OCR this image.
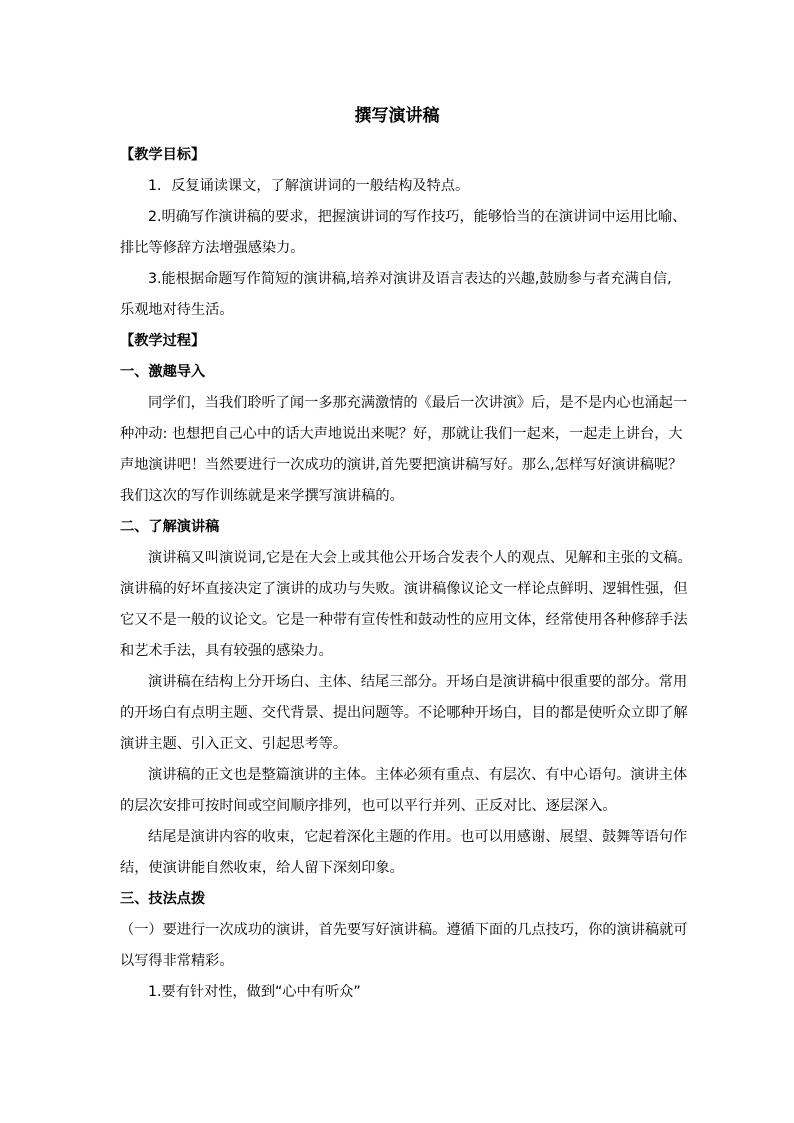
撰写演讲稿
【教学目标】
1．反复诵读课文，了解演讲词的一般结构及特点。
2.明确写作演讲稿的要求，把握演讲词的写作技巧，能够恰当的在演讲词中运用比喻、
排比等修辞方法增强感染力。
3.能根据命题写作简短的演讲稿,培养对演讲及语言表达的兴趣,鼓励参与者充满自信,
乐观地对待生活。
【教学过程】
一、激趣导入
同学们，当我们聆听了闻一多那充满激情的《最后一次讲演》后，是不是内心也涌起一
种冲动: 也想把自己心中的话大声地说出来呢？好，那就让我们一起来，一起走上讲台，大
声地演讲吧！当然要进行一次成功的演讲,首先要把演讲稿写好。那么,怎样写好演讲稿呢？
我们这次的写作训练就是来学撰写演讲稿的。
二、了解演讲稿
演讲稿又叫演说词,它是在大会上或其他公开场合发表个人的观点、见解和主张的文稿。
演讲稿的好坏直接决定了演讲的成功与失败。演讲稿像议论文一样论点鲜明、逻辑性强，但
它又不是一般的议论文。它是一种带有宣传性和鼓动性的应用文体，经常使用各种修辞手法
和艺术手法，具有较强的感染力。
演讲稿在结构上分开场白、主体、结尾三部分。开场白是演讲稿中很重要的部分。常用
的开场白有点明主题、交代背景、提出问题等。不论哪种开场白，目的都是使听众立即了解
演讲主题、引入正文、引起思考等。
演讲稿的正文也是整篇演讲的主体。主体必须有重点、有层次、有中心语句。演讲主体
的层次安排可按时间或空间顺序排列，也可以平行并列、正反对比、逐层深入。
结尾是演讲内容的收束，它起着深化主题的作用。也可以用感谢、展望、鼓舞等语句作
结，使演讲能自然收束，给人留下深刻印象。
三、技法点拨
（一）要进行一次成功的演讲，首先要写好演讲稿。遵循下面的几点技巧，你的演讲稿就可
以写得非常精彩。
1.要有针对性，做到“心中有听众”
